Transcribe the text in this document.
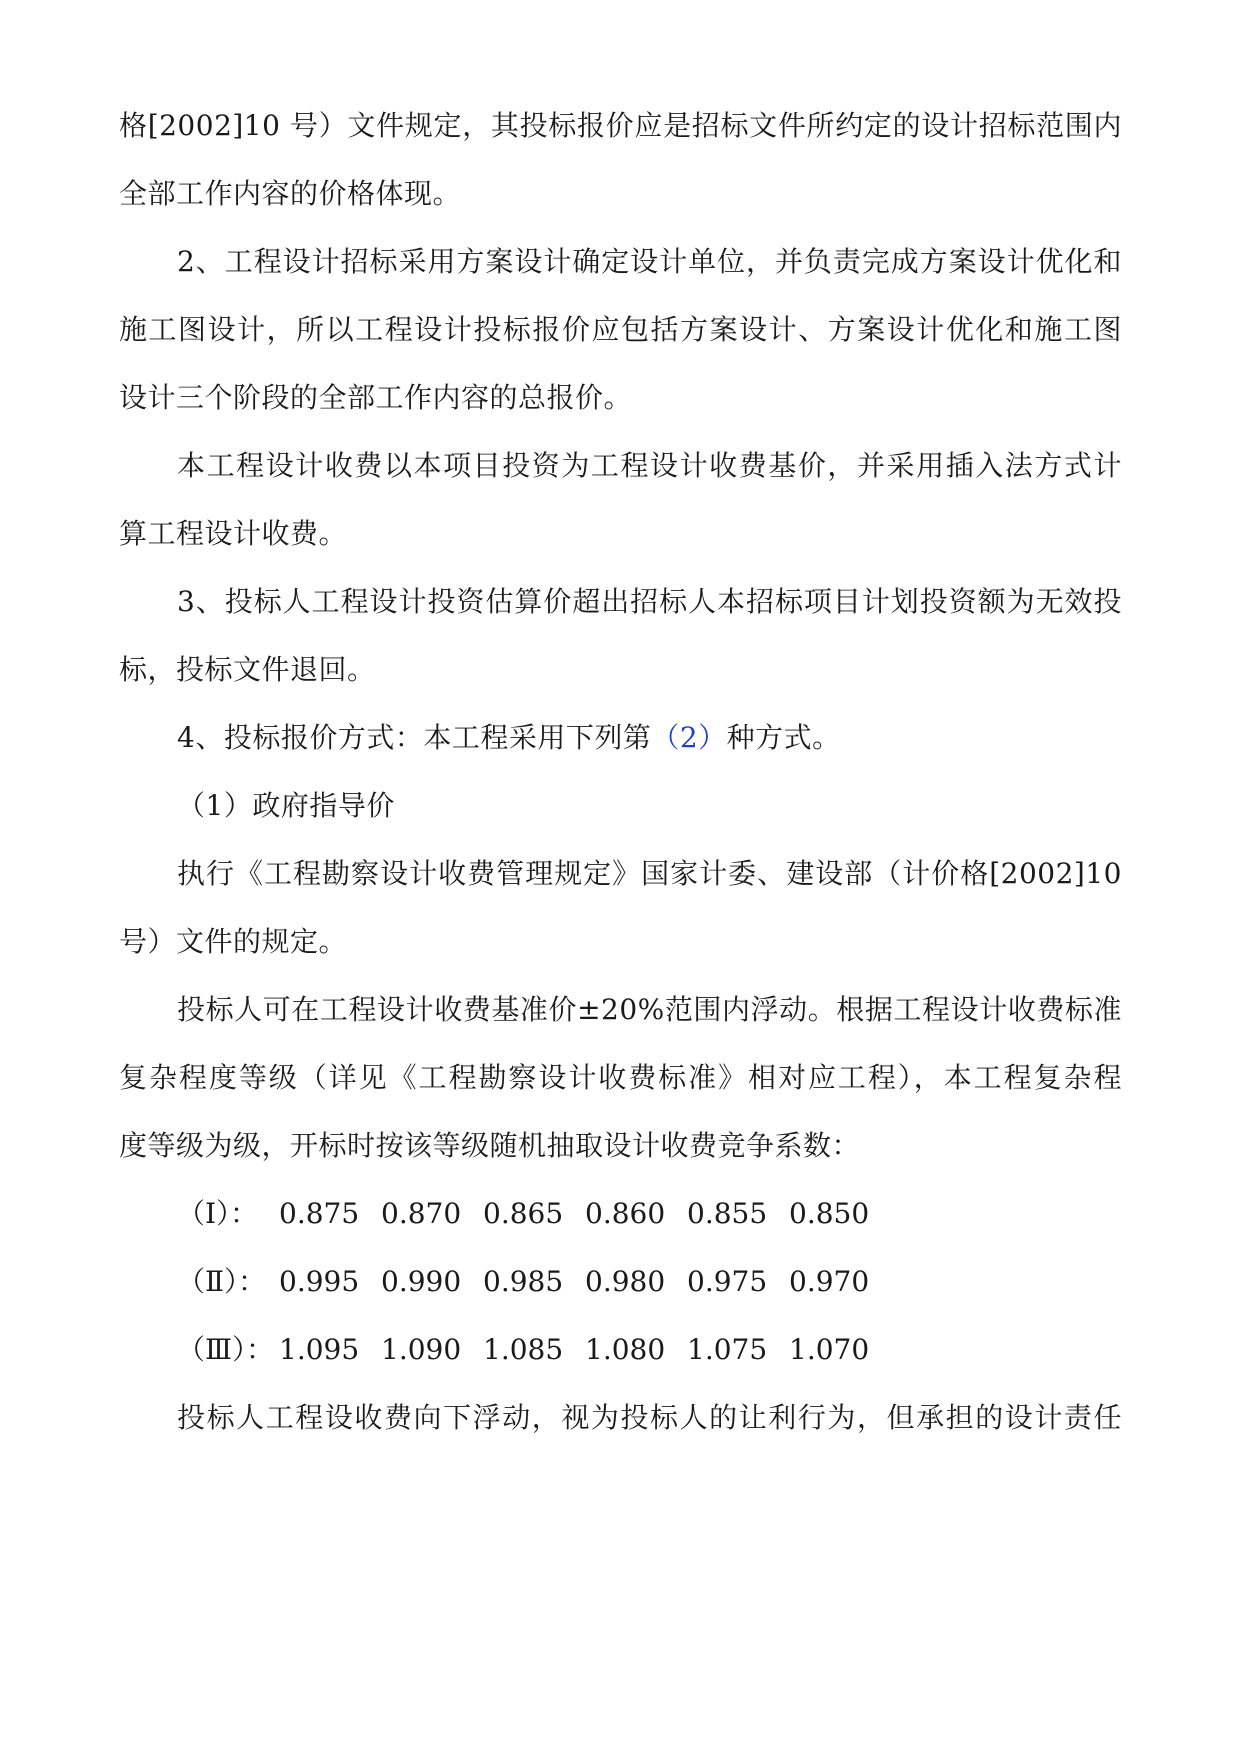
格[2002]10 号）文件规定，其投标报价应是招标文件所约定的设计招标范围内
全部工作内容的价格体现。
2、工程设计招标采用方案设计确定设计单位，并负责完成方案设计优化和
施工图设计，所以工程设计投标报价应包括方案设计、方案设计优化和施工图
设计三个阶段的全部工作内容的总报价。
本工程设计收费以本项目投资为工程设计收费基价，并采用插入法方式计
算工程设计收费。
3、投标人工程设计投资估算价超出招标人本招标项目计划投资额为无效投
标，投标文件退回。
4、投标报价方式：本工程采用下列第（2）种方式。
（1）政府指导价
执行《工程勘察设计收费管理规定》国家计委、建设部（计价格[2002]10
号）文件的规定。
投标人可在工程设计收费基准价±20%范围内浮动。根据工程设计收费标准
复杂程度等级（详见《工程勘察设计收费标准》相对应工程），本工程复杂程
度等级为级，开标时按该等级随机抽取设计收费竞争系数：
（Ⅰ）： 0.875 0.870 0.865 0.860 0.855 0.850
（Ⅱ）： 0.995 0.990 0.985 0.980 0.975 0.970
（Ⅲ）： 1.095 1.090 1.085 1.080 1.075 1.070
投标人工程设收费向下浮动，视为投标人的让利行为，但承担的设计责任
